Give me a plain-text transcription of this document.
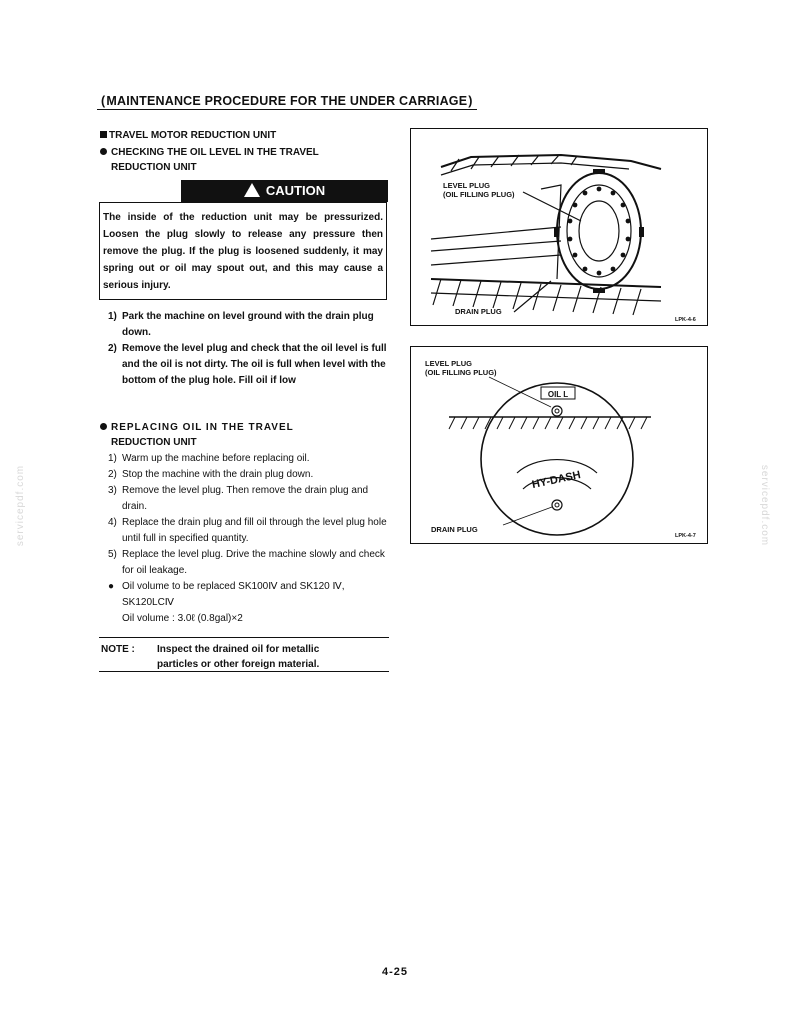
( MAINTENANCE PROCEDURE FOR THE UNDER CARRIAGE )
TRAVEL MOTOR REDUCTION UNIT
CHECKING THE OIL LEVEL IN THE TRAVEL
REDUCTION UNIT
CAUTION
The inside of the reduction unit may be pressurized. Loosen the plug slowly to release any pressure then remove the plug. If the plug is loosened suddenly, it may spring out or oil may spout out, and this may cause a serious injury.
1) Park the machine on level ground with the drain plug down.
2) Remove the level plug and check that the oil level is full and the oil is not dirty. The oil is full when level with the bottom of the plug hole. Fill oil if low
REPLACING OIL IN THE TRAVEL
REDUCTION UNIT
1) Warm up the machine before replacing oil.
2) Stop the machine with the drain plug down.
3) Remove the level plug. Then remove the drain plug and drain.
4) Replace the drain plug and fill oil through the level plug hole until full in specified quantity.
5) Replace the level plug. Drive the machine slowly and check for oil leakage.
● Oil volume to be replaced SK100Ⅳ and SK120 Ⅳ, SK120LCⅣ
Oil volume : 3.0ℓ (0.8gal)×2
NOTE : Inspect the drained oil for metallic
particles or other foreign material.
LEVEL PLUG
(OIL FILLING PLUG)
DRAIN PLUG
LPK-4-6
OIL L
HY-DASH
LEVEL PLUG
(OIL FILLING PLUG)
DRAIN PLUG
LPK-4-7
servicepdf.com	servicepdf.com
4-25
